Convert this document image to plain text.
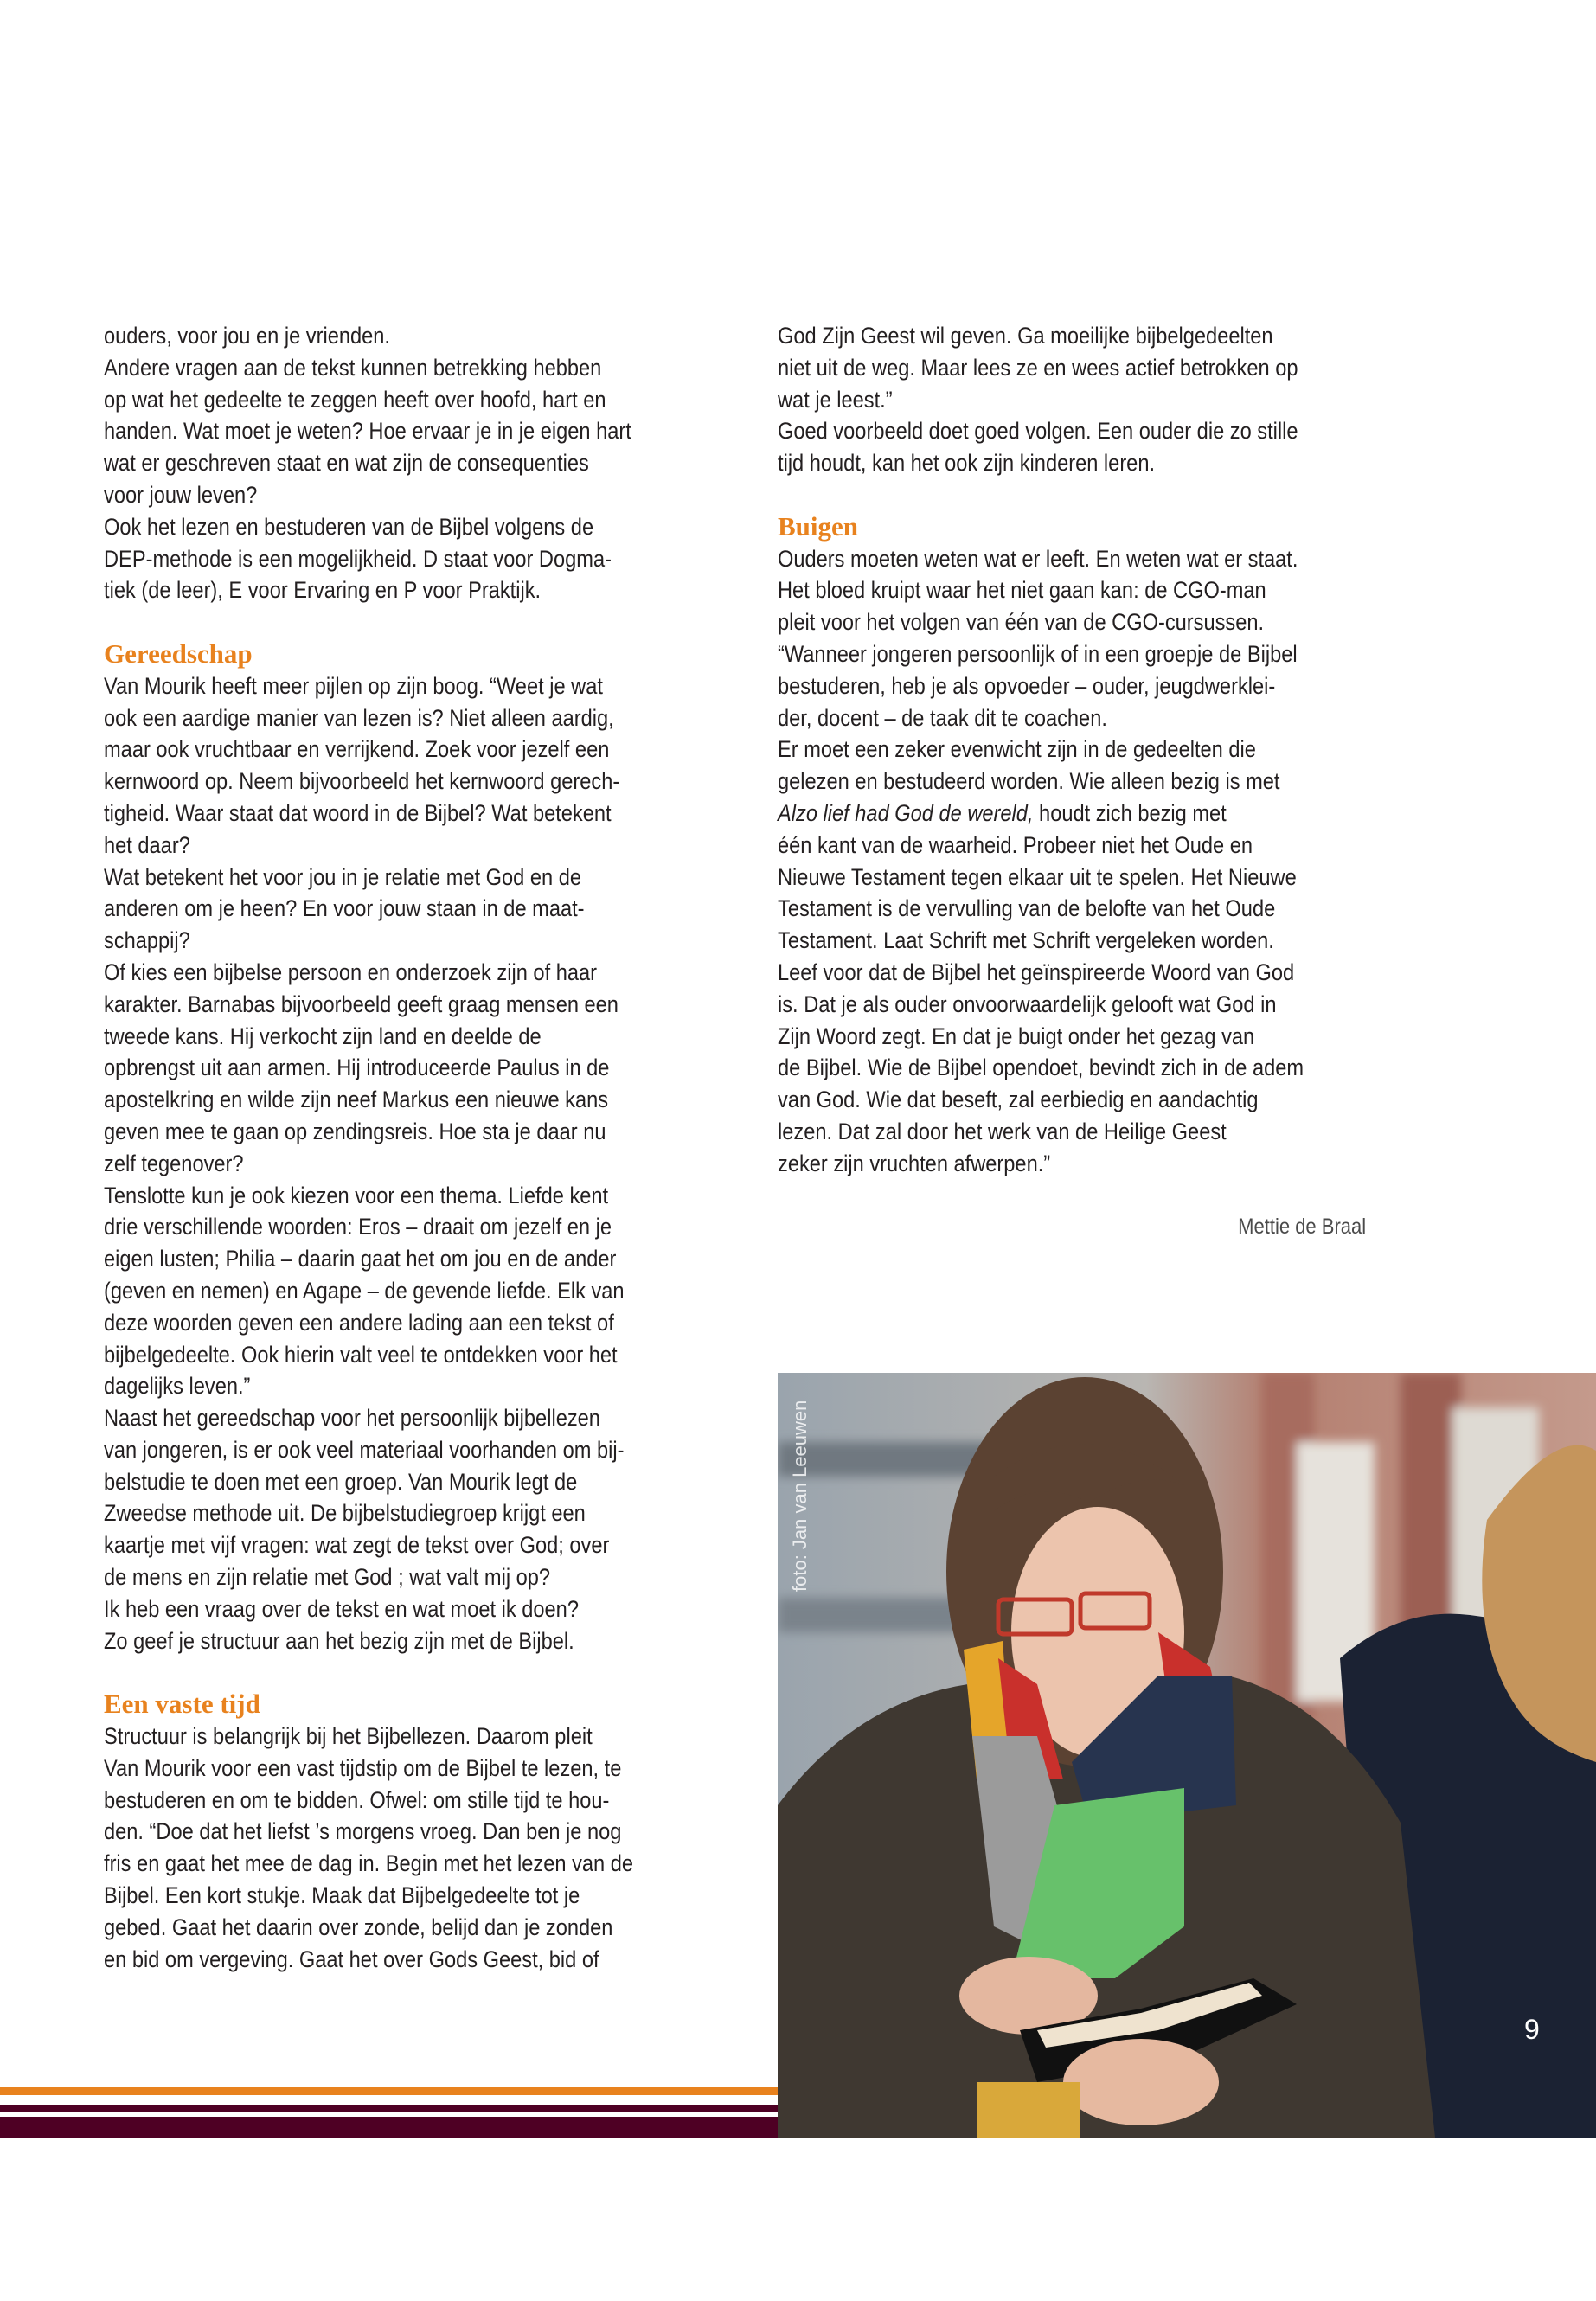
ouders, voor jou en je vrienden.
Andere vragen aan de tekst kunnen betrekking hebben
op wat het gedeelte te zeggen heeft over hoofd, hart en
handen. Wat moet je weten? Hoe ervaar je in je eigen hart
wat er geschreven staat en wat zijn de consequenties
voor jouw leven?
Ook het lezen en bestuderen van de Bijbel volgens de
DEP-methode is een mogelijkheid. D staat voor Dogma-
tiek (de leer), E voor Ervaring en P voor Praktijk.
Gereedschap
Van Mourik heeft meer pijlen op zijn boog. “Weet je wat
ook een aardige manier van lezen is? Niet alleen aardig,
maar ook vruchtbaar en verrijkend. Zoek voor jezelf een
kernwoord op. Neem bijvoorbeeld het kernwoord gerech-
tigheid. Waar staat dat woord in de Bijbel? Wat betekent
het daar?
Wat betekent het voor jou in je relatie met God en de
anderen om je heen? En voor jouw staan in de maat-
schappij?
Of kies een bijbelse persoon en onderzoek zijn of haar
karakter. Barnabas bijvoorbeeld geeft graag mensen een
tweede kans. Hij verkocht zijn land en deelde de
opbrengst uit aan armen. Hij introduceerde Paulus in de
apostelkring en wilde zijn neef Markus een nieuwe kans
geven mee te gaan op zendingsreis. Hoe sta je daar nu
zelf tegenover?
Tenslotte kun je ook kiezen voor een thema. Liefde kent
drie verschillende woorden: Eros – draait om jezelf en je
eigen lusten; Philia – daarin gaat het om jou en de ander
(geven en nemen) en Agape – de gevende liefde. Elk van
deze woorden geven een andere lading aan een tekst of
bijbelgedeelte. Ook hierin valt veel te ontdekken voor het
dagelijks leven.”
Naast het gereedschap voor het persoonlijk bijbellezen
van jongeren, is er ook veel materiaal voorhanden om bij-
belstudie te doen met een groep. Van Mourik legt de
Zweedse methode uit. De bijbelstudiegroep krijgt een
kaartje met vijf vragen: wat zegt de tekst over God; over
de mens en zijn relatie met God ; wat valt mij op?
Ik heb een vraag over de tekst en wat moet ik doen?
Zo geef je structuur aan het bezig zijn met de Bijbel.
Een vaste tijd
Structuur is belangrijk bij het Bijbellezen. Daarom pleit
Van Mourik voor een vast tijdstip om de Bijbel te lezen, te
bestuderen en om te bidden. Ofwel: om stille tijd te hou-
den. “Doe dat het liefst ’s morgens vroeg. Dan ben je nog
fris en gaat het mee de dag in. Begin met het lezen van de
Bijbel. Een kort stukje. Maak dat Bijbelgedeelte tot je
gebed. Gaat het daarin over zonde, belijd dan je zonden
en bid om vergeving. Gaat het over Gods Geest, bid of
God Zijn Geest wil geven. Ga moeilijke bijbelgedeelten
niet uit de weg. Maar lees ze en wees actief betrokken op
wat je leest.”
Goed voorbeeld doet goed volgen. Een ouder die zo stille
tijd houdt, kan het ook zijn kinderen leren.
Buigen
Ouders moeten weten wat er leeft. En weten wat er staat.
Het bloed kruipt waar het niet gaan kan: de CGO-man
pleit voor het volgen van één van de CGO-cursussen.
“Wanneer jongeren persoonlijk of in een groepje de Bijbel
bestuderen, heb je als opvoeder – ouder, jeugdwerklei-
der, docent – de taak dit te coachen.
Er moet een zeker evenwicht zijn in de gedeelten die
gelezen en bestudeerd worden. Wie alleen bezig is met
Alzo lief had God de wereld, houdt zich bezig met
één kant van de waarheid. Probeer niet het Oude en
Nieuwe Testament tegen elkaar uit te spelen. Het Nieuwe
Testament is de vervulling van de belofte van het Oude
Testament. Laat Schrift met Schrift vergeleken worden.
Leef voor dat de Bijbel het geïnspireerde Woord van God
is. Dat je als ouder onvoorwaardelijk gelooft wat God in
Zijn Woord zegt. En dat je buigt onder het gezag van
de Bijbel. Wie de Bijbel opendoet, bevindt zich in de adem
van God. Wie dat beseft, zal eerbiedig en aandachtig
lezen. Dat zal door het werk van de Heilige Geest
zeker zijn vruchten afwerpen.”
Mettie de Braal
foto: Jan van Leeuwen
9
